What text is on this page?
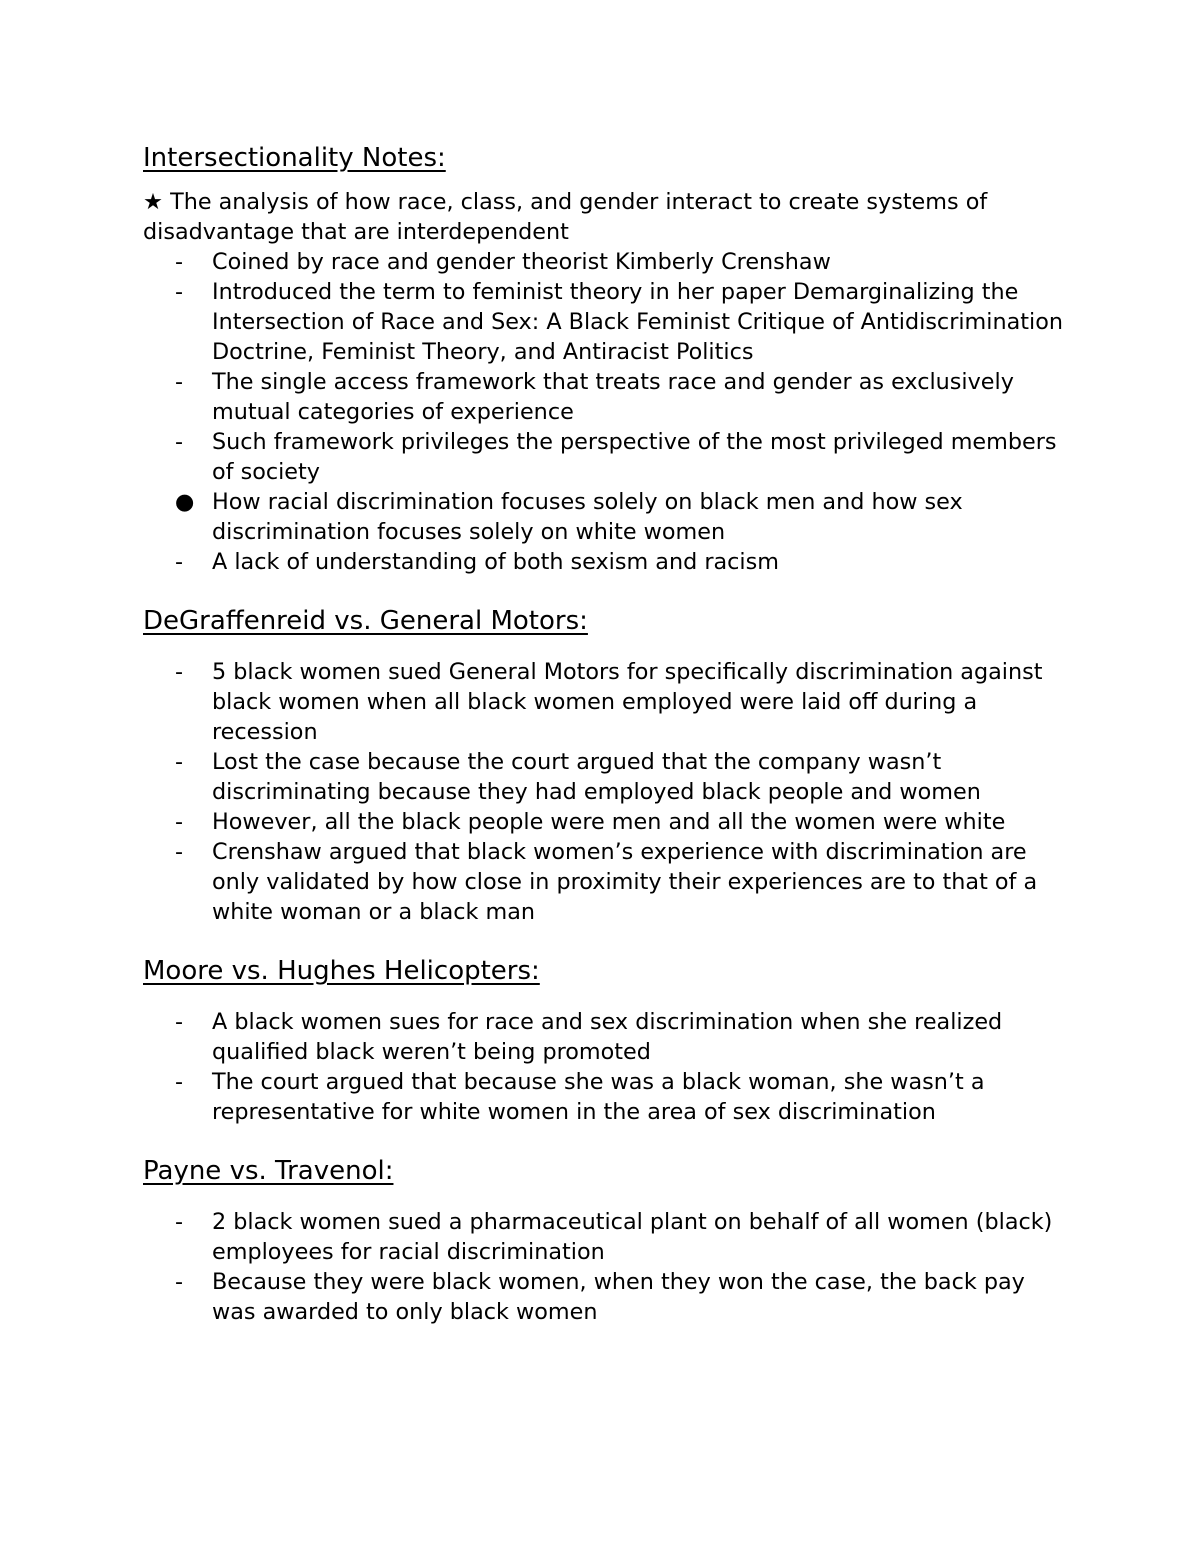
Intersectionality Notes:

★ The analysis of how race, class, and gender interact to create systems of disadvantage that are interdependent

-	Coined by race and gender theorist Kimberly Crenshaw
-	Introduced the term to feminist theory in her paper Demarginalizing the Intersection of Race and Sex: A Black Feminist Critique of Antidiscrimination Doctrine, Feminist Theory, and Antiracist Politics
-	The single access framework that treats race and gender as exclusively mutual categories of experience
-	Such framework privileges the perspective of the most privileged members of society
● How racial discrimination focuses solely on black men and how sex discrimination focuses solely on white women
-	A lack of understanding of both sexism and racism
DeGraffenreid vs. General Motors:
-	5 black women sued General Motors for specifically discrimination against black women when all black women employed were laid off during a recession
-	Lost the case because the court argued that the company wasn’t discriminating because they had employed black people and women
-	However, all the black people were men and all the women were white
-	Crenshaw argued that black women’s experience with discrimination are only validated by how close in proximity their experiences are to that of a white woman or a black man
Moore vs. Hughes Helicopters:
-	A black women sues for race and sex discrimination when she realized qualified black weren’t being promoted
-	The court argued that because she was a black woman, she wasn’t a representative for white women in the area of sex discrimination
Payne vs. Travenol:
-	2 black women sued a pharmaceutical plant on behalf of all women (black) employees for racial discrimination
-	Because they were black women, when they won the case, the back pay was awarded to only black women
